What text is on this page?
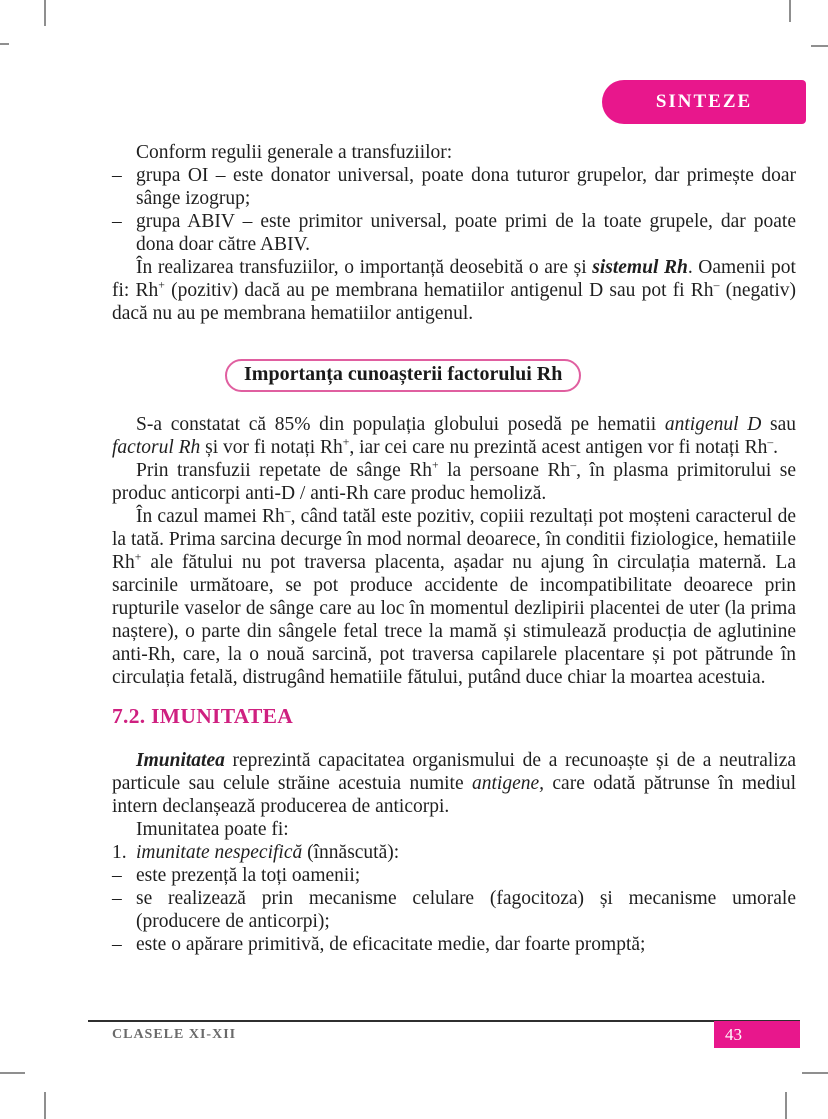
SINTEZE

Conform regulii generale a transfuziilor:

– grupa OI – este donator universal, poate dona tuturor grupelor, dar primește doar sânge izogrup;
– grupa ABIV – este primitor universal, poate primi de la toate grupele, dar poate dona doar către ABIV.

În realizarea transfuziilor, o importanță deosebită o are și sistemul Rh. Oamenii pot fi: Rh+ (pozitiv) dacă au pe membrana hematiilor antigenul D sau pot fi Rh– (negativ) dacă nu au pe membrana hematiilor antigenul.

Importanța cunoașterii factorului Rh

S-a constatat că 85% din populația globului posedă pe hematii antigenul D sau factorul Rh și vor fi notați Rh+, iar cei care nu prezintă acest antigen vor fi notați Rh–.

Prin transfuzii repetate de sânge Rh+ la persoane Rh–, în plasma primitorului se produc anticorpi anti-D / anti-Rh care produc hemoliză.

În cazul mamei Rh–, când tatăl este pozitiv, copiii rezultați pot moșteni caracterul de la tată. Prima sarcina decurge în mod normal deoarece, în conditii fiziologice, hematiile Rh+ ale fătului nu pot traversa placenta, așadar nu ajung în circulația maternă. La sarcinile următoare, se pot produce accidente de incompatibilitate deoarece prin rupturile vaselor de sânge care au loc în momentul dezlipirii placentei de uter (la prima naștere), o parte din sângele fetal trece la mamă și stimulează producția de aglutinine anti-Rh, care, la o nouă sarcină, pot traversa capilarele placentare și pot pătrunde în circulația fetală, distrugând hematiile fătului, putând duce chiar la moartea acestuia.

7.2. IMUNITATEA

Imunitatea reprezintă capacitatea organismului de a recunoaște și de a neutraliza particule sau celule străine acestuia numite antigene, care odată pătrunse în mediul intern declanșează producerea de anticorpi.

Imunitatea poate fi:

1. imunitate nespecifică (înnăscută):
– este prezență la toți oamenii;
– se realizează prin mecanisme celulare (fagocitoza) și mecanisme umorale (producere de anticorpi);
– este o apărare primitivă, de eficacitate medie, dar foarte promptă;
CLASELE XI-XII	43
